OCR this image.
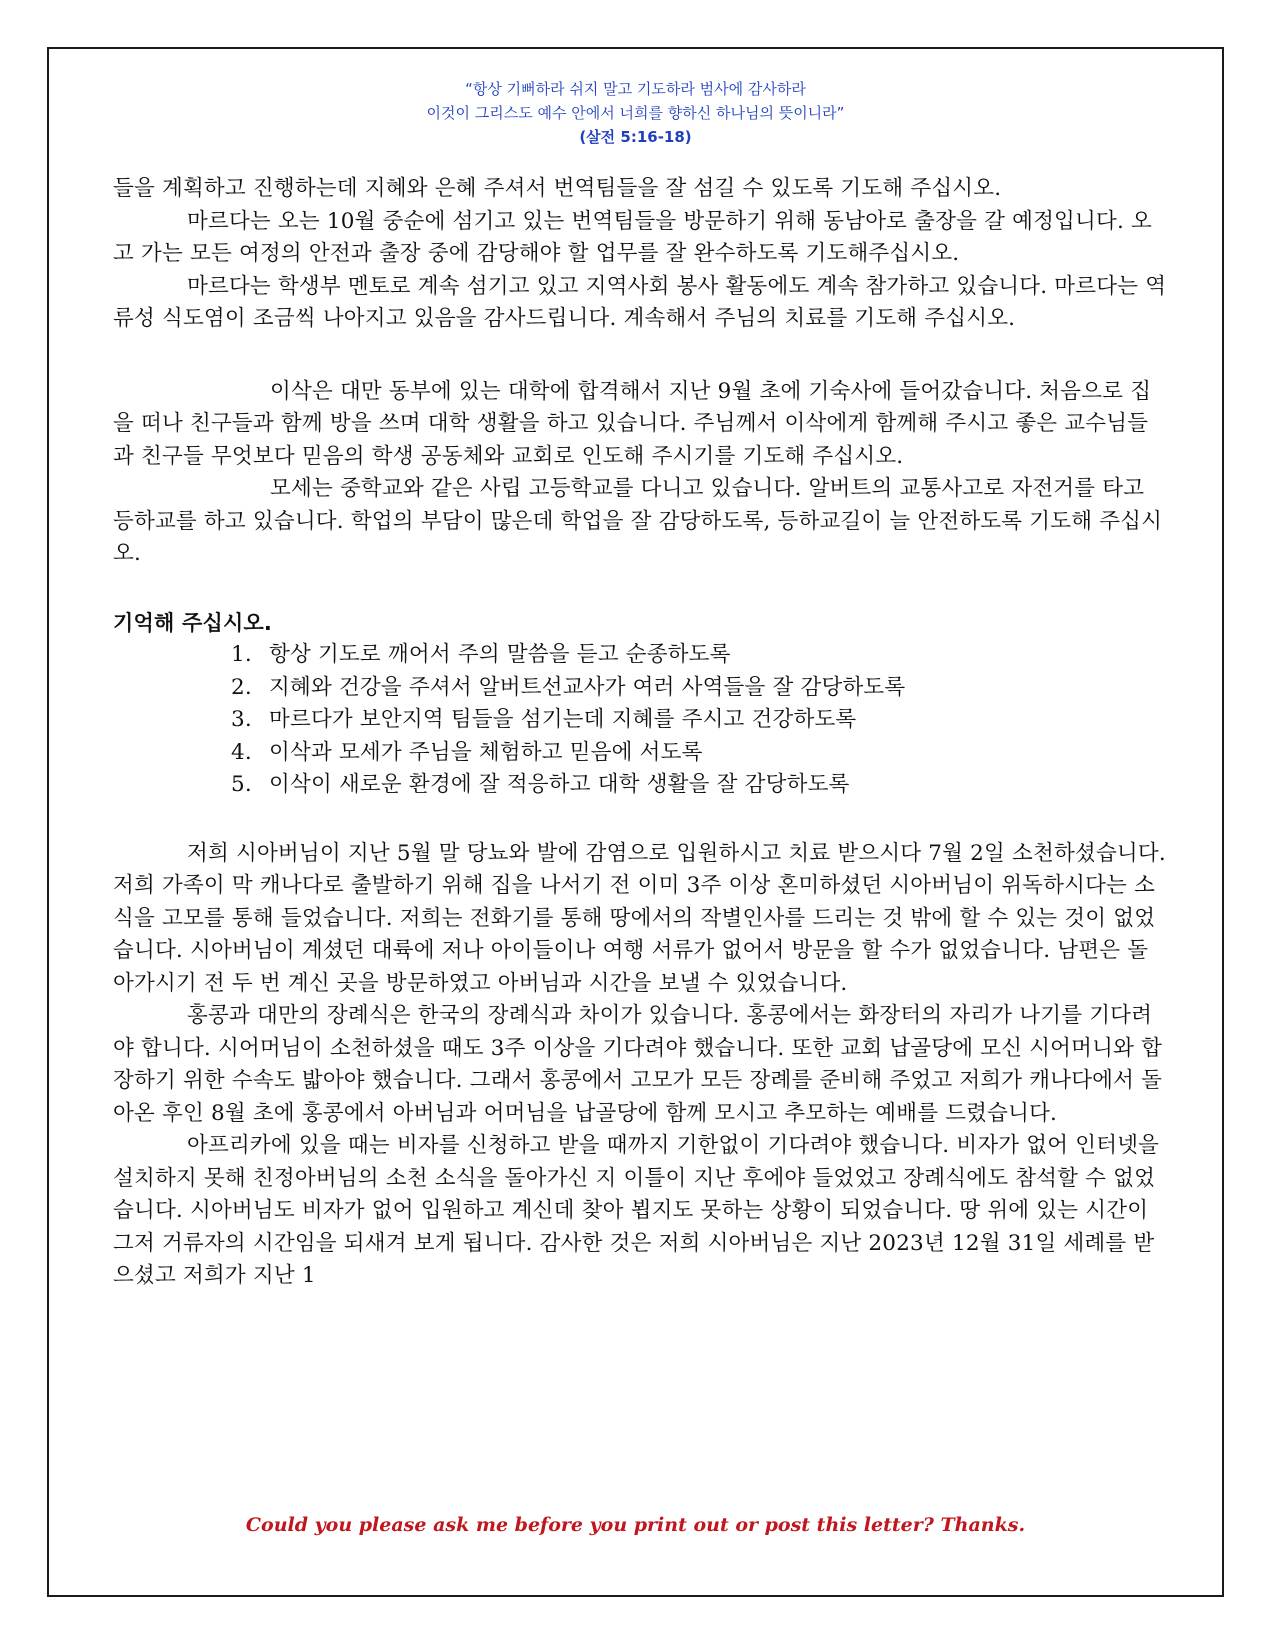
“항상 기뻐하라 쉬지 말고 기도하라 범사에 감사하라
이것이 그리스도 예수 안에서 너희를 향하신 하나님의 뜻이니라”
(살전 5:16-18)

들을 계획하고 진행하는데 지혜와 은혜 주셔서 번역팀들을 잘 섬길 수 있도록 기도해 주십시오.

마르다는 오는 10월 중순에 섬기고 있는 번역팀들을 방문하기 위해 동남아로 출장을 갈 예정입니다. 오고 가는 모든 여정의 안전과 출장 중에 감당해야 할 업무를 잘 완수하도록 기도해주십시오.

마르다는 학생부 멘토로 계속 섬기고 있고 지역사회 봉사 활동에도 계속 참가하고 있습니다. 마르다는 역류성 식도염이 조금씩 나아지고 있음을 감사드립니다. 계속해서 주님의 치료를 기도해 주십시오.

이삭은 대만 동부에 있는 대학에 합격해서 지난 9월 초에 기숙사에 들어갔습니다. 처음으로 집을 떠나 친구들과 함께 방을 쓰며 대학 생활을 하고 있습니다. 주님께서 이삭에게 함께해 주시고 좋은 교수님들과 친구들 무엇보다 믿음의 학생 공동체와 교회로 인도해 주시기를 기도해 주십시오.

모세는 중학교와 같은 사립 고등학교를 다니고 있습니다. 알버트의 교통사고로 자전거를 타고 등하교를 하고 있습니다. 학업의 부담이 많은데 학업을 잘 감당하도록, 등하교길이 늘 안전하도록 기도해 주십시오.

기억해 주십시오.

1. 항상 기도로 깨어서 주의 말씀을 듣고 순종하도록
2. 지혜와 건강을 주셔서 알버트선교사가 여러 사역들을 잘 감당하도록
3. 마르다가 보안지역 팀들을 섬기는데 지혜를 주시고 건강하도록
4. 이삭과 모세가 주님을 체험하고 믿음에 서도록
5. 이삭이 새로운 환경에 잘 적응하고 대학 생활을 잘 감당하도록

저희 시아버님이 지난 5월 말 당뇨와 발에 감염으로 입원하시고 치료 받으시다 7월 2일 소천하셨습니다. 저희 가족이 막 캐나다로 출발하기 위해 집을 나서기 전 이미 3주 이상 혼미하셨던 시아버님이 위독하시다는 소식을 고모를 통해 들었습니다. 저희는 전화기를 통해 땅에서의 작별인사를 드리는 것 밖에 할 수 있는 것이 없었습니다. 시아버님이 계셨던 대륙에 저나 아이들이나 여행 서류가 없어서 방문을 할 수가 없었습니다. 남편은 돌아가시기 전 두 번 계신 곳을 방문하였고 아버님과 시간을 보낼 수 있었습니다.

홍콩과 대만의 장례식은 한국의 장례식과 차이가 있습니다. 홍콩에서는 화장터의 자리가 나기를 기다려야 합니다. 시어머님이 소천하셨을 때도 3주 이상을 기다려야 했습니다. 또한 교회 납골당에 모신 시어머니와 합장하기 위한 수속도 밟아야 했습니다. 그래서 홍콩에서 고모가 모든 장례를 준비해 주었고 저희가 캐나다에서 돌아온 후인 8월 초에 홍콩에서 아버님과 어머님을 납골당에 함께 모시고 추모하는 예배를 드렸습니다.

아프리카에 있을 때는 비자를 신청하고 받을 때까지 기한없이 기다려야 했습니다. 비자가 없어 인터넷을 설치하지 못해 친정아버님의 소천 소식을 돌아가신 지 이틀이 지난 후에야 들었었고 장례식에도 참석할 수 없었습니다. 시아버님도 비자가 없어 입원하고 계신데 찾아 뵙지도 못하는 상황이 되었습니다. 땅 위에 있는 시간이 그저 거류자의 시간임을 되새겨 보게 됩니다. 감사한 것은 저희 시아버님은 지난 2023년 12월 31일 세례를 받으셨고 저희가 지난 1

Could you please ask me before you print out or post this letter? Thanks.
